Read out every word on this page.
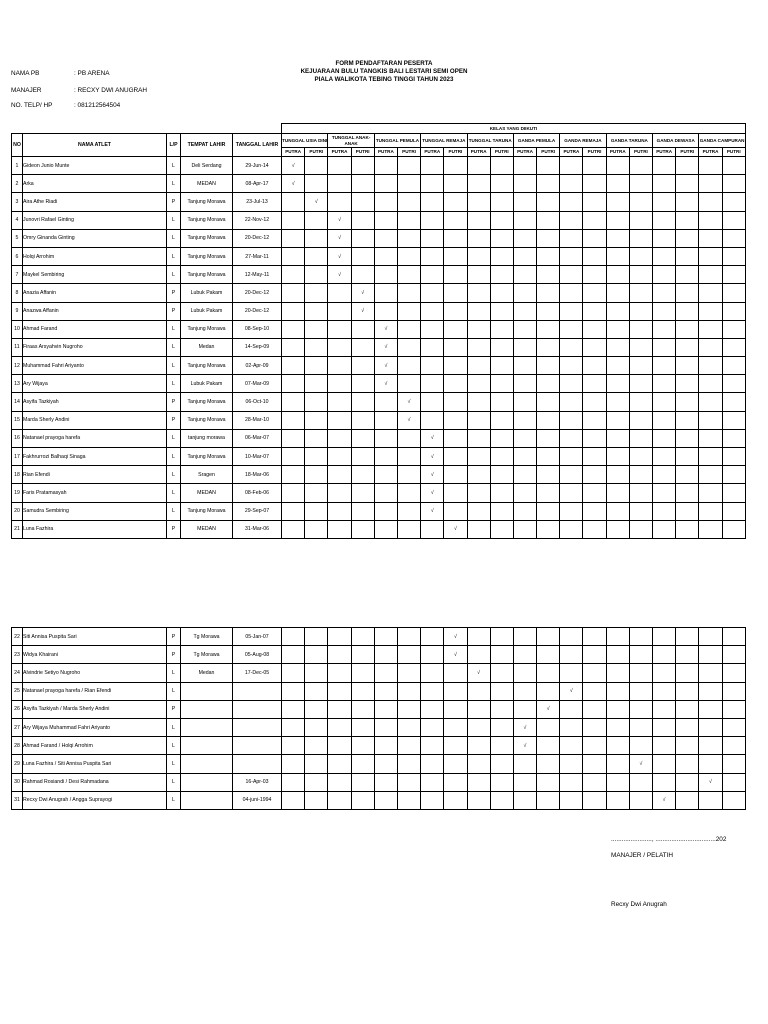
FORM PENDAFTARAN PESERTA
KEJUARAAN BULU TANGKIS BALI LESTARI SEMI OPEN
PIALA WALIKOTA TEBING TINGGI TAHUN 2023
NAMA PB	: PB ARENA
MANAJER	: RECXY DWI ANUGRAH
NO. TELP/ HP	: 081212564504
					KELAS YANG DIIKUTI																			
NO	NAMA ATLET	L/P	TEMPAT LAHIR	TANGGAL LAHIR	TUNGGAL USIA DINI		TUNGGAL ANAK-ANAK		TUNGGAL PEMULA		TUNGGAL REMAJA		TUNGGAL TARUNA		GANDA PEMULA		GANDA REMAJA		GANDA TARUNA		GANDA DEWASA		GANDA CAMPURAN	
					PUTRA	PUTRI	PUTRA	PUTRI	PUTRA	PUTRI	PUTRA	PUTRI	PUTRA	PUTRI	PUTRA	PUTRI	PUTRA	PUTRI	PUTRA	PUTRI	PUTRA	PUTRI	PUTRA	PUTRI
1	Gideon Junio Munte	L	Deli Serdang	29-Jun-14	√																			
2	Arka	L	MEDAN	08-Apr-17	√																			
3	Aira Athe Riadi	P	Tanjung Morawa	23-Jul-13		√																		
4	Junovri Rafael Ginting	L	Tanjung Morawa	22-Nov-12			√																	
5	Omry Ginanda Ginting	L	Tanjung Morawa	20-Dec-12			√																	
6	Holqi Arrohim	L	Tanjung Morawa	27-Mar-11			√																	
7	Maykel Sembiring	L	Tanjung Morawa	12-May-11			√																	
8	Anazia Affanin	P	Lubuk Pakam	20-Dec-12				√																
9	Anazwa Affanin	P	Lubuk Pakam	20-Dec-12				√																
10	Ahmad Farand	L	Tanjung Morawa	08-Sep-10					√															
11	Firaas Arsyahvin Nugroho	L	Medan	14-Sep-09					√															
12	Muhammad Fahri Ariyanto	L	Tanjung Morawa	02-Apr-09					√															
13	Ary Wijaya	L	Lubuk Pakam	07-Mar-09					√															
14	Asyifa Tazkiyah	P	Tanjung Morawa	06-Oct-10						√														
15	Marda Sherly Andini	P	Tanjung Morawa	28-Mar-10						√														
16	Natanael prayoga harefa	L	tanjung morawa	06-Mar-07							√													
17	Fakhrurrozi Balhaqi Sinaga	L	Tanjung Morawa	10-Mar-07							√													
18	Rian Efendi	L	Sragen	18-Mar-06							√													
19	Faris Pratamasyah	L	MEDAN	08-Feb-06							√													
20	Samudra Sembiring	L	Tanjung Morawa	29-Sep-07							√													
21	Luna Fazhira	P	MEDAN	31-Mar-06								√												
22	Siti Annisa Puspita Sari	P	Tg Morawa	05-Jan-07								√												
23	Widya Khairani	P	Tg Morawa	05-Aug-08								√												
24	Alvindrie Setiyo Nugroho	L	Medan	17-Dec-05									√											
25	Natanael prayoga harefa / Rian Efendi	L															√							
26	Asyifa Tazkiyah / Marda Sherly Andini	P														√								
27	Ary Wijaya Muhammad Fahri Ariyanto	L													√									
28	Ahmad Farand / Holqi Arrohim	L													√									
29	Luna Fazhira / Siti Annisa Puspita Sari	L																		√				
30	Rahmad Rosiandi / Desi Rahmadana	L		16-Apr-03																			√	
31	Recxy Dwi Anugrah / Angga Suprayogi	L		04-juni-1994																	√			
......................., ..................................202
MANAJER / PELATIH
Recxy Dwi Anugrah
